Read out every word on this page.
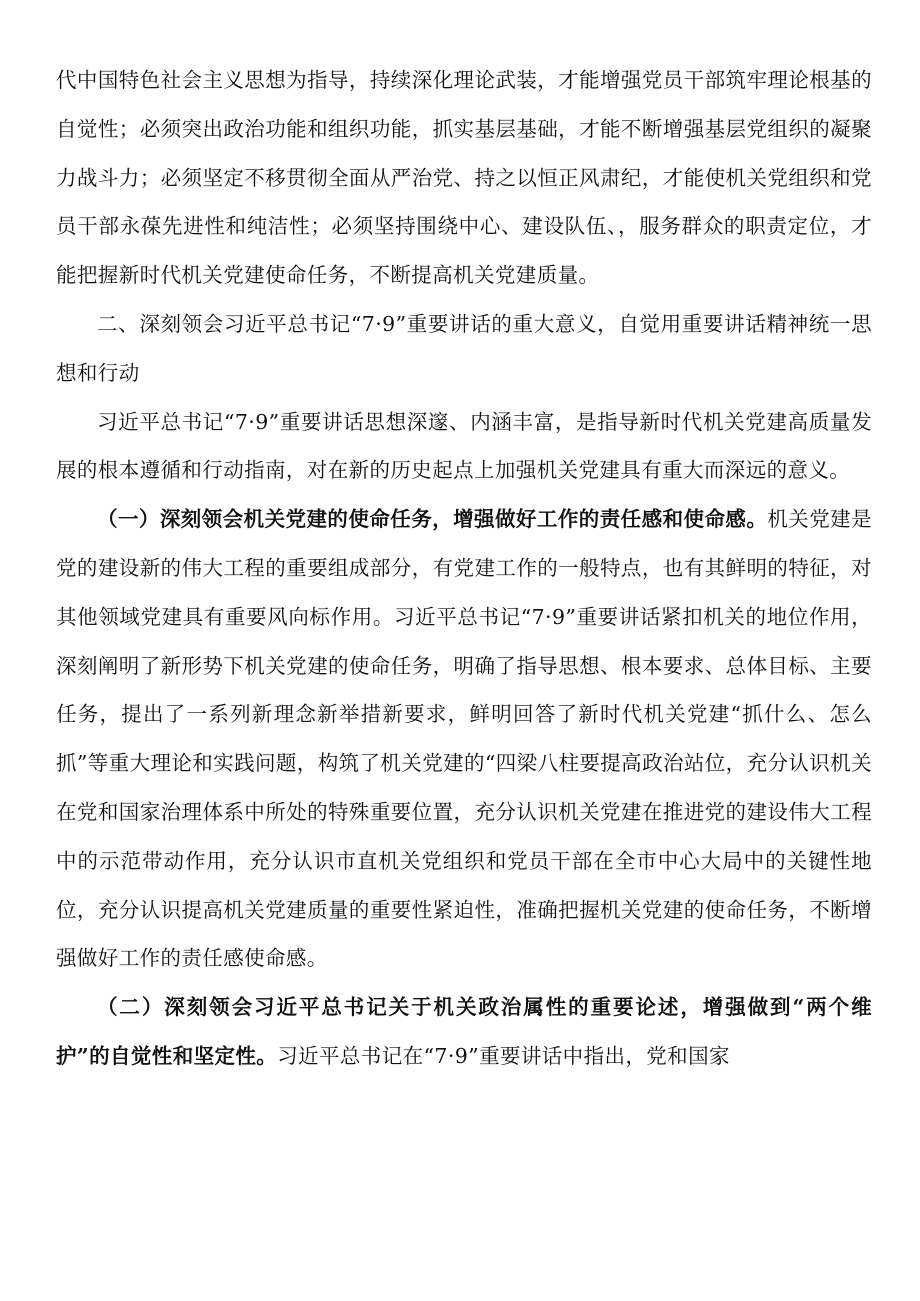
代中国特色社会主义思想为指导，持续深化理论武装，才能增强党员干部筑牢理论根基的自觉性；必须突出政治功能和组织功能，抓实基层基础，才能不断增强基层党组织的凝聚力战斗力；必须坚定不移贯彻全面从严治党、持之以恒正风肃纪，才能使机关党组织和党员干部永葆先进性和纯洁性；必须坚持围绕中心、建设队伍、，服务群众的职责定位，才能把握新时代机关党建使命任务，不断提高机关党建质量。

二、深刻领会习近平总书记“7·9”重要讲话的重大意义，自觉用重要讲话精神统一思想和行动

习近平总书记“7·9”重要讲话思想深邃、内涵丰富，是指导新时代机关党建高质量发展的根本遵循和行动指南，对在新的历史起点上加强机关党建具有重大而深远的意义。

（一）深刻领会机关党建的使命任务，增强做好工作的责任感和使命感。机关党建是党的建设新的伟大工程的重要组成部分，有党建工作的一般特点，也有其鲜明的特征，对其他领域党建具有重要风向标作用。习近平总书记“7·9”重要讲话紧扣机关的地位作用，深刻阐明了新形势下机关党建的使命任务，明确了指导思想、根本要求、总体目标、主要任务，提出了一系列新理念新举措新要求，鲜明回答了新时代机关党建“抓什么、怎么抓”等重大理论和实践问题，构筑了机关党建的“四梁八柱要提高政治站位，充分认识机关在党和国家治理体系中所处的特殊重要位置，充分认识机关党建在推进党的建设伟大工程中的示范带动作用，充分认识市直机关党组织和党员干部在全市中心大局中的关键性地位，充分认识提高机关党建质量的重要性紧迫性，准确把握机关党建的使命任务，不断增强做好工作的责任感使命感。

（二）深刻领会习近平总书记关于机关政治属性的重要论述，增强做到“两个维护”的自觉性和坚定性。习近平总书记在“7·9”重要讲话中指出，党和国家
